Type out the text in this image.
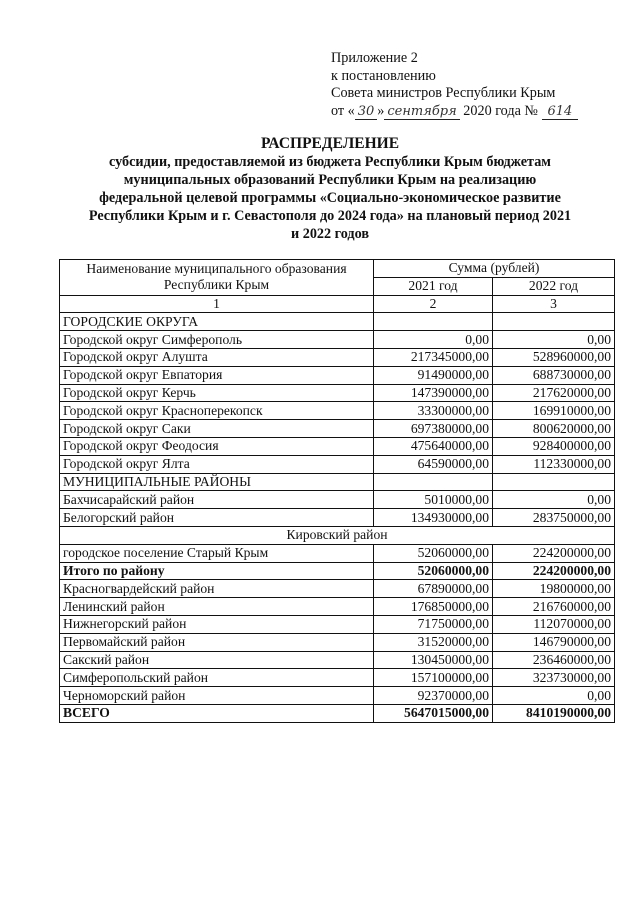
Приложение 2
к постановлению
Совета министров Республики Крым
от « 30 » сентября 2020 года № 614
РАСПРЕДЕЛЕНИЕ
субсидии, предоставляемой из бюджета Республики Крым бюджетам
муниципальных образований Республики Крым на реализацию
федеральной целевой программы «Социально-экономическое развитие
Республики Крым и г. Севастополя до 2024 года» на плановый период 2021
и 2022 годов
Наименование муниципального образования
Республики Крым	Сумма (рублей)	
	2021 год	2022 год
1	2	3
ГОРОДСКИЕ ОКРУГА		
Городской округ Симферополь	0,00	0,00
Городской округ Алушта	217345000,00	528960000,00
Городской округ Евпатория	91490000,00	688730000,00
Городской округ Керчь	147390000,00	217620000,00
Городской округ Красноперекопск	33300000,00	169910000,00
Городской округ Саки	697380000,00	800620000,00
Городской округ Феодосия	475640000,00	928400000,00
Городской округ Ялта	64590000,00	112330000,00
МУНИЦИПАЛЬНЫЕ РАЙОНЫ		
Бахчисарайский район	5010000,00	0,00
Белогорский район	134930000,00	283750000,00
Кировский район		
городское поселение Старый Крым	52060000,00	224200000,00
Итого по району	52060000,00	224200000,00
Красногвардейский район	67890000,00	19800000,00
Ленинский район	176850000,00	216760000,00
Нижнегорский район	71750000,00	112070000,00
Первомайский район	31520000,00	146790000,00
Сакский район	130450000,00	236460000,00
Симферопольский район	157100000,00	323730000,00
Черноморский район	92370000,00	0,00
ВСЕГО	5647015000,00	8410190000,00
